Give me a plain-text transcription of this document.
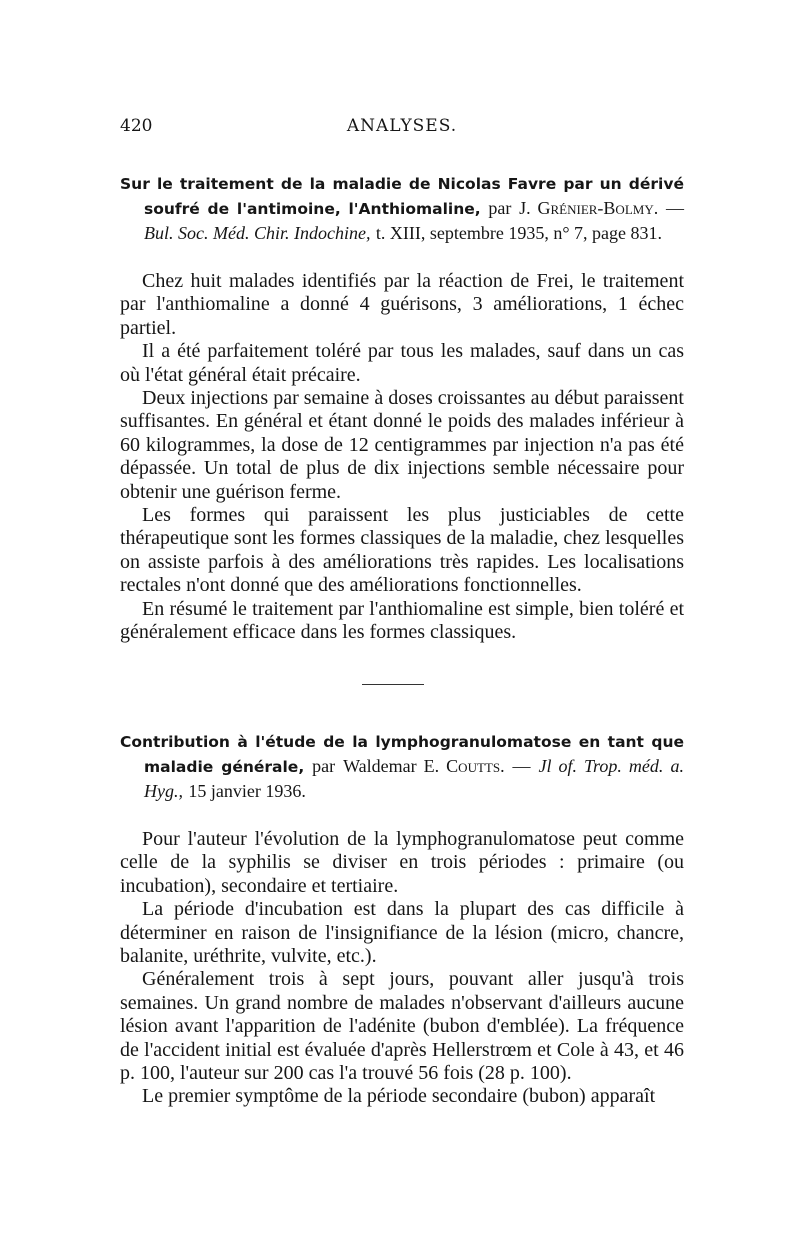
420	ANALYSES.

Sur le traitement de la maladie de Nicolas Favre par un dérivé soufré de l'antimoine, l'Anthiomaline, par J. Grénier-Bolmy. — Bul. Soc. Méd. Chir. Indochine, t. XIII, septembre 1935, n° 7, page 831.

Chez huit malades identifiés par la réaction de Frei, le traitement par l'anthiomaline a donné 4 guérisons, 3 améliorations, 1 échec partiel.

Il a été parfaitement toléré par tous les malades, sauf dans un cas où l'état général était précaire.

Deux injections par semaine à doses croissantes au début paraissent suffisantes. En général et étant donné le poids des malades inférieur à 60 kilogrammes, la dose de 12 centigrammes par injection n'a pas été dépassée. Un total de plus de dix injections semble nécessaire pour obtenir une guérison ferme.

Les formes qui paraissent les plus justiciables de cette thérapeutique sont les formes classiques de la maladie, chez lesquelles on assiste parfois à des améliorations très rapides. Les localisations rectales n'ont donné que des améliorations fonctionnelles.

En résumé le traitement par l'anthiomaline est simple, bien toléré et généralement efficace dans les formes classiques.

Contribution à l'étude de la lymphogranulomatose en tant que maladie générale, par Waldemar E. Coutts. — Jl of. Trop. méd. a. Hyg., 15 janvier 1936.

Pour l'auteur l'évolution de la lymphogranulomatose peut comme celle de la syphilis se diviser en trois périodes : primaire (ou incubation), secondaire et tertiaire.

La période d'incubation est dans la plupart des cas difficile à déterminer en raison de l'insignifiance de la lésion (micro, chancre, balanite, uréthrite, vulvite, etc.).

Généralement trois à sept jours, pouvant aller jusqu'à trois semaines. Un grand nombre de malades n'observant d'ailleurs aucune lésion avant l'apparition de l'adénite (bubon d'emblée). La fréquence de l'accident initial est évaluée d'après Hellerstrœm et Cole à 43, et 46 p. 100, l'auteur sur 200 cas l'a trouvé 56 fois (28 p. 100).

Le premier symptôme de la période secondaire (bubon) apparaît
